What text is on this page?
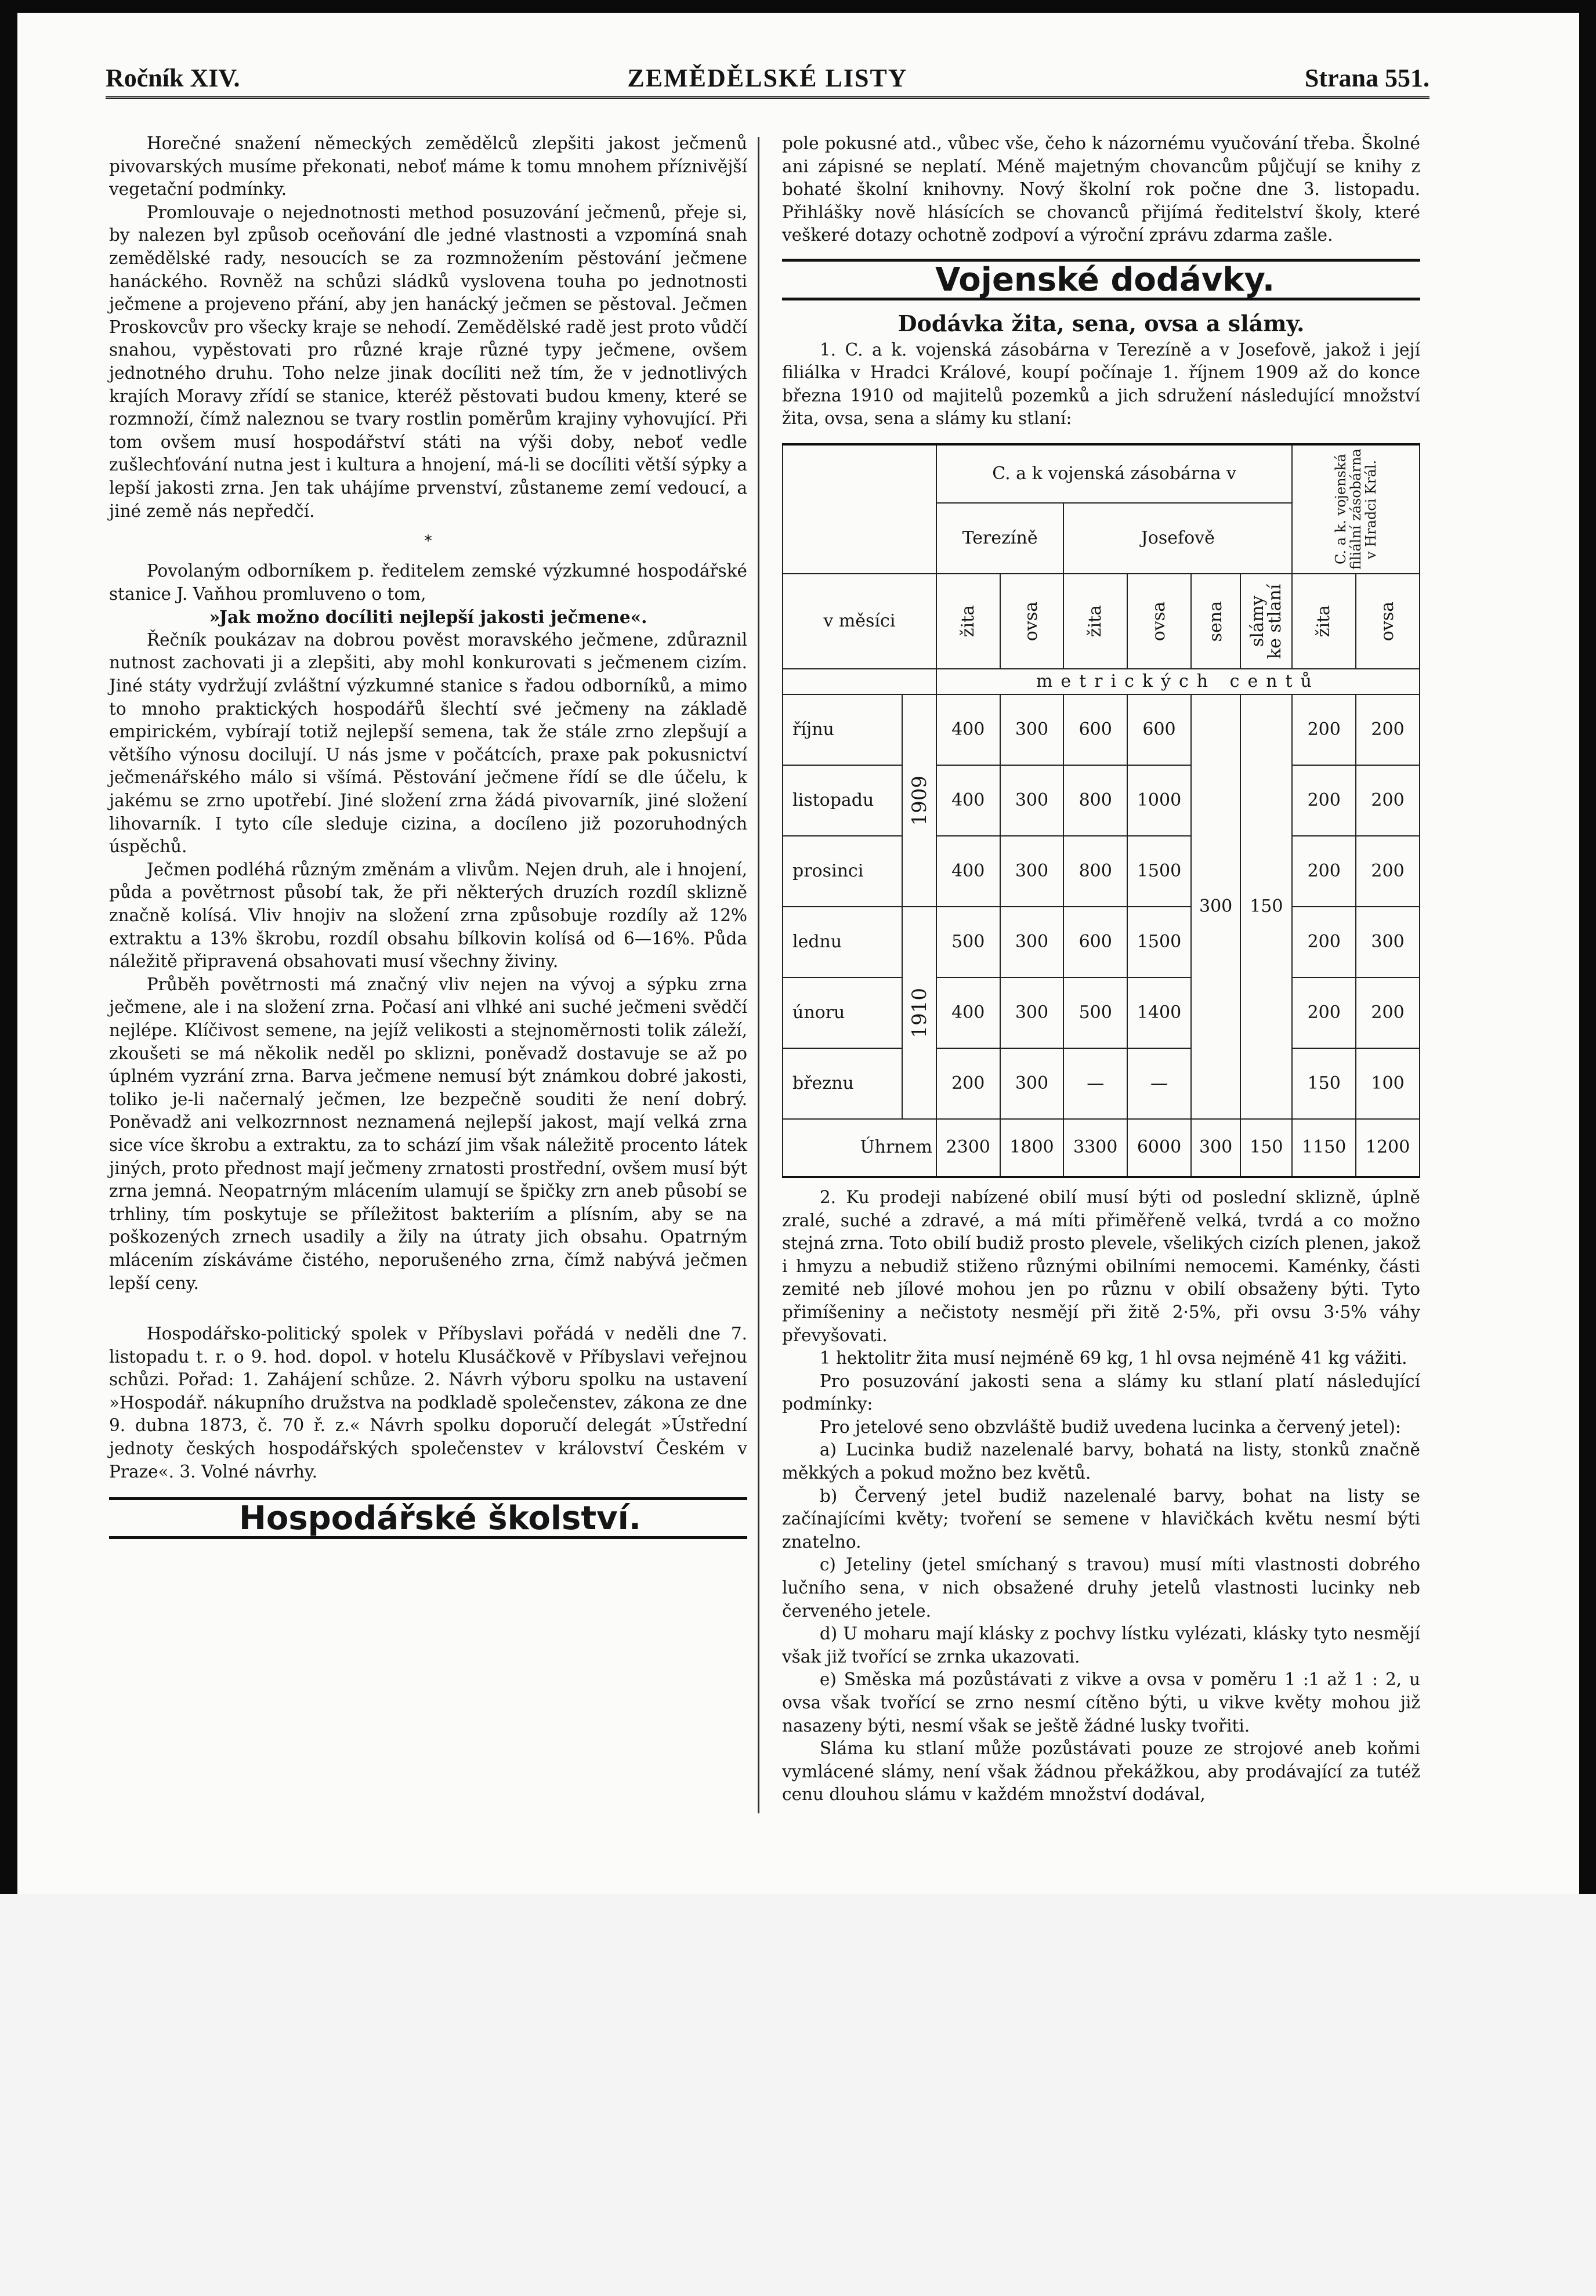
Ročník XIV.	ZEMĚDĚLSKÉ LISTY	Strana 551.

Horečné snažení německých zemědělců zlepšiti jakost ječmenů pivovarských musíme překonati, neboť máme k tomu mnohem příznivější vegetační podmínky.

Promlouvaje o nejednotnosti method posuzování ječmenů, přeje si, by nalezen byl způsob oceňování dle jedné vlastnosti a vzpomíná snah zemědělské rady, nesoucích se za rozmnožením pěstování ječmene hanáckého. Rovněž na schůzi sládků vyslovena touha po jednotnosti ječmene a projeveno přání, aby jen hanácký ječmen se pěstoval. Ječmen Proskovcův pro všecky kraje se nehodí. Zemědělské radě jest proto vůdčí snahou, vypěstovati pro různé kraje různé typy ječmene, ovšem jednotného druhu. Toho nelze jinak docíliti než tím, že v jednotlivých krajích Moravy zřídí se stanice, kteréž pěstovati budou kmeny, které se rozmnoží, čímž naleznou se tvary rostlin poměrům krajiny vyhovující. Při tom ovšem musí hospodářství státi na výši doby, neboť vedle zušlechťování nutna jest i kultura a hnojení, má-li se docíliti větší sýpky a lepší jakosti zrna. Jen tak uhájíme prvenství, zůstaneme zemí vedoucí, a jiné země nás nepředčí.

*

Povolaným odborníkem p. ředitelem zemské výzkumné hospodářské stanice J. Vaňhou promluveno o tom,

»Jak možno docíliti nejlepší jakosti ječmene«.

Řečník poukázav na dobrou pověst moravského ječmene, zdůraznil nutnost zachovati ji a zlepšiti, aby mohl konkurovati s ječmenem cizím. Jiné státy vydržují zvláštní výzkumné stanice s řadou odborníků, a mimo to mnoho praktických hospodářů šlechtí své ječmeny na základě empirickém, vybírají totiž nejlepší semena, tak že stále zrno zlepšují a většího výnosu docilují. U nás jsme v počátcích, praxe pak pokusnictví ječmenářského málo si všímá. Pěstování ječmene řídí se dle účelu, k jakému se zrno upotřebí. Jiné složení zrna žádá pivovarník, jiné složení lihovarník. I tyto cíle sleduje cizina, a docíleno již pozoruhodných úspěchů.

Ječmen podléhá různým změnám a vlivům. Nejen druh, ale i hnojení, půda a povětrnost působí tak, že při některých druzích rozdíl sklizně značně kolísá. Vliv hnojiv na složení zrna způsobuje rozdíly až 12% extraktu a 13% škrobu, rozdíl obsahu bílkovin kolísá od 6—16%. Půda náležitě připravená obsahovati musí všechny živiny.

Průběh povětrnosti má značný vliv nejen na vývoj a sýpku zrna ječmene, ale i na složení zrna. Počasí ani vlhké ani suché ječmeni svědčí nejlépe. Klíčivost semene, na jejíž velikosti a stejnoměrnosti tolik záleží, zkoušeti se má několik neděl po sklizni, poněvadž dostavuje se až po úplném vyzrání zrna. Barva ječmene nemusí být známkou dobré jakosti, toliko je-li načernalý ječmen, lze bezpečně souditi že není dobrý. Poněvadž ani velkozrnnost neznamená nejlepší jakost, mají velká zrna sice více škrobu a extraktu, za to schází jim však náležitě procento látek jiných, proto přednost mají ječmeny zrnatosti prostřední, ovšem musí být zrna jemná. Neopatrným mlácením ulamují se špičky zrn aneb působí se trhliny, tím poskytuje se příležitost bakteriím a plísním, aby se na poškozených zrnech usadily a žily na útraty jich obsahu. Opatrným mlácením získáváme čistého, neporušeného zrna, čímž nabývá ječmen lepší ceny.

Hospodářsko-politický spolek v Příbyslavi pořádá v neděli dne 7. listopadu t. r. o 9. hod. dopol. v hotelu Klusáčkově v Příbyslavi veřejnou schůzi. Pořad: 1. Zahájení schůze. 2. Návrh výboru spolku na ustavení »Hospodář. nákupního družstva na podkladě společenstev, zákona ze dne 9. dubna 1873, č. 70 ř. z.« Návrh spolku doporučí delegát »Ústřední jednoty českých hospodářských společenstev v království Českém v Praze«. 3. Volné návrhy.

Hospodářské školství.

pole pokusné atd., vůbec vše, čeho k názornému vyučování třeba. Školné ani zápisné se neplatí. Méně majetným chovancům půjčují se knihy z bohaté školní knihovny. Nový školní rok počne dne 3. listopadu. Přihlášky nově hlásících se chovanců přijímá ředitelství školy, které veškeré dotazy ochotně zodpoví a výroční zprávu zdarma zašle.

Vojenské dodávky.
Dodávka žita, sena, ovsa a slámy.

1. C. a k. vojenská zásobárna v Terezíně a v Josefově, jakož i její filiálka v Hradci Králové, koupí počínaje 1. říjnem 1909 až do konce března 1910 od majitelů pozemků a jich sdružení následující množství žita, ovsa, sena a slámy ku stlaní:

		C. a k vojenská zásobárna v						C. a k. vojenská filiální zásobárna v Hradci Král.	

		Terezíně		Josefově					
v měsíci		žita	ovsa	žita	ovsa	sena	slámy ke stlaní	žita	ovsa

		metrických centů							
říjnu	1909	400	300	600	600	300	150	200	200
listopadu		400	300	800	1000			200	200
prosinci		400	300	800	1500			200	200
lednu	1910	500	300	600	1500			200	300
únoru		400	300	500	1400			200	200
březnu		200	300	—	—			150	100
Úhrnem		2300	1800	3300	6000	300	150	1150	1200

2. Ku prodeji nabízené obilí musí býti od poslední sklizně, úplně zralé, suché a zdravé, a má míti přiměřeně velká, tvrdá a co možno stejná zrna. Toto obilí budiž prosto plevele, všelikých cizích plenen, jakož i hmyzu a nebudiž stiženo různými obilními nemocemi. Kaménky, části zemité neb jílové mohou jen po různu v obilí obsaženy býti. Tyto přimíšeniny a nečistoty nesmějí při žitě 2·5%, při ovsu 3·5% váhy převyšovati.

1 hektolitr žita musí nejméně 69 kg, 1 hl ovsa nejméně 41 kg vážiti.

Pro posuzování jakosti sena a slámy ku stlaní platí následující podmínky:

Pro jetelové seno obzvláště budiž uvedena lucinka a červený jetel):

a) Lucinka budiž nazelenalé barvy, bohatá na listy, stonků značně měkkých a pokud možno bez květů.

b) Červený jetel budiž nazelenalé barvy, bohat na listy se začínajícími květy; tvoření se semene v hlavičkách květu nesmí býti znatelno.

c) Jeteliny (jetel smíchaný s travou) musí míti vlastnosti dobrého lučního sena, v nich obsažené druhy jetelů vlastnosti lucinky neb červeného jetele.

d) U moharu mají klásky z pochvy lístku vylézati, klásky tyto nesmějí však již tvořící se zrnka ukazovati.

e) Směska má pozůstávati z vikve a ovsa v poměru 1 :1 až 1 : 2, u ovsa však tvořící se zrno nesmí cítěno býti, u vikve květy mohou již nasazeny býti, nesmí však se ještě žádné lusky tvořiti.

Sláma ku stlaní může pozůstávati pouze ze strojové aneb koňmi vymlácené slámy, není však žádnou překážkou, aby prodávající za tutéž cenu dlouhou slámu v každém množství dodával,
